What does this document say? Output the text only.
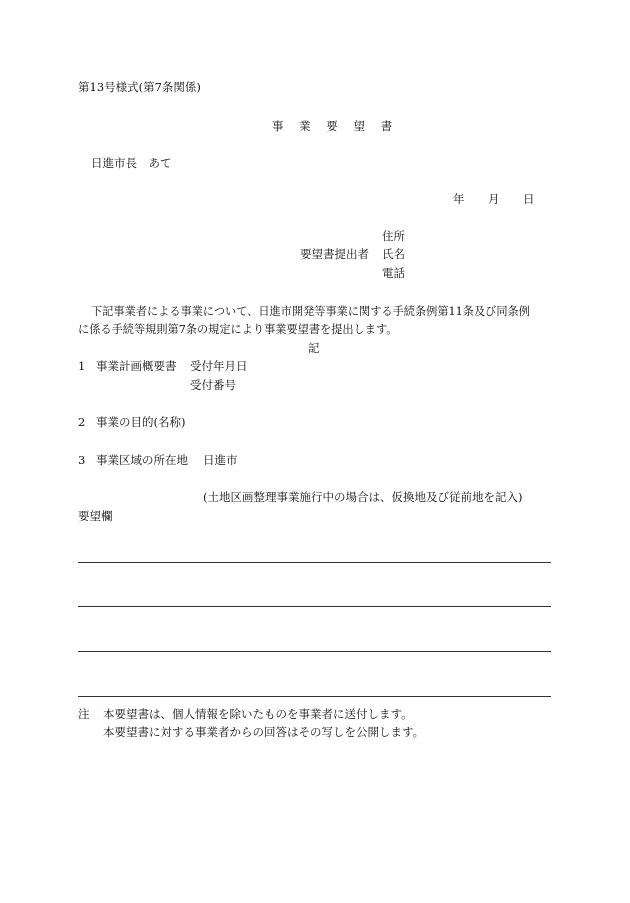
第13号様式(第7条関係)
事 業 要 望 書
日進市長　あて
年 月 日
住所
要望書提出者 氏名
電話
下記事業者による事業について、日進市開発等事業に関する手続条例第11条及び同条例
に係る手続等規則第7条の規定により事業要望書を提出します。
記
1 事業計画概要書 受付年月日
受付番号
2 事業の目的(名称)
3 事業区域の所在地 日進市
(土地区画整理事業施行中の場合は、仮換地及び従前地を記入)
要望欄
注 本要望書は、個人情報を除いたものを事業者に送付します。
本要望書に対する事業者からの回答はその写しを公開します。
